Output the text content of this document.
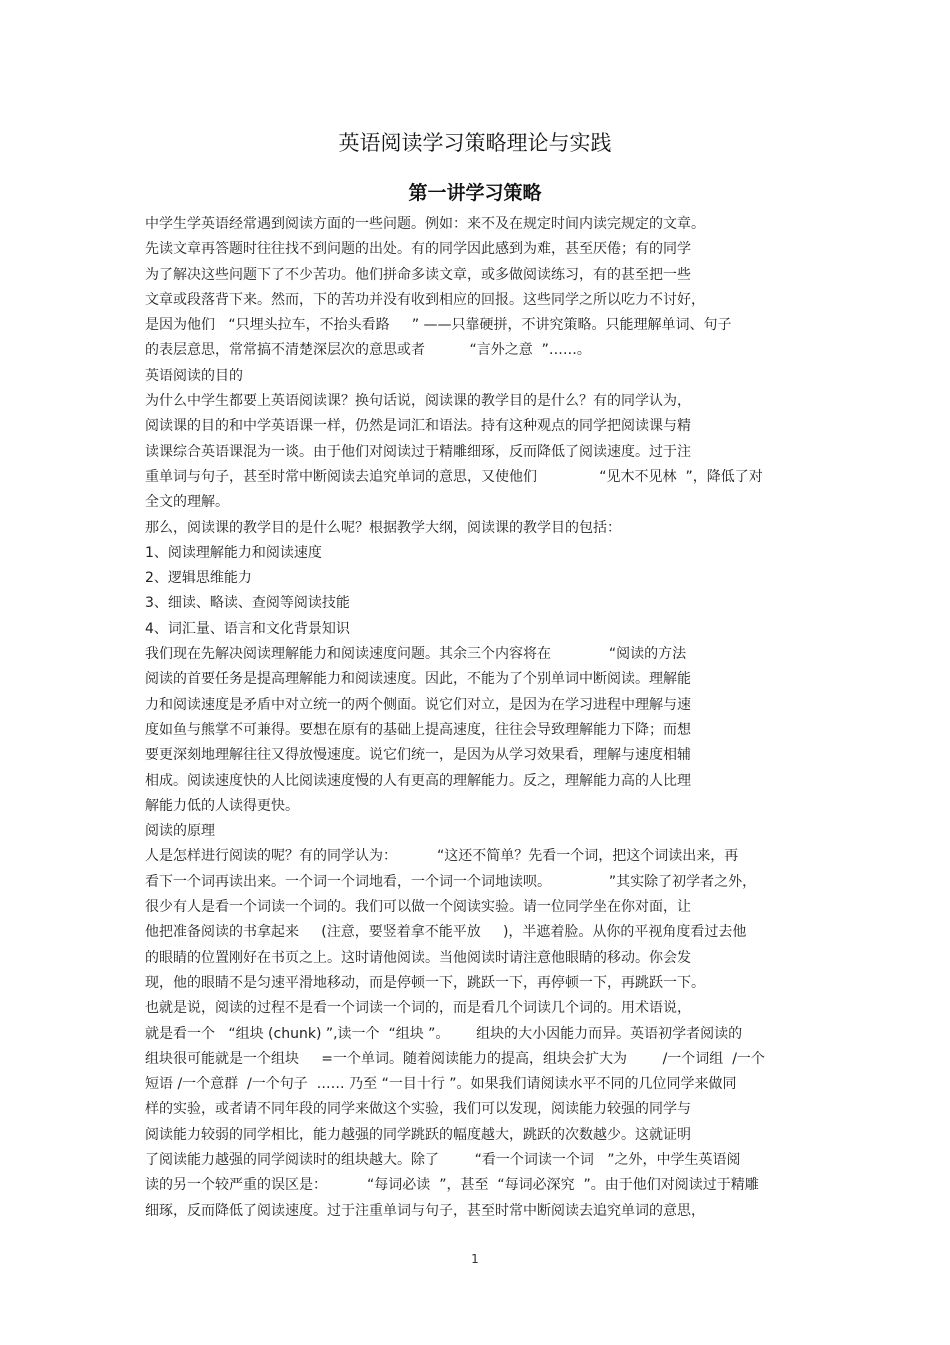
英语阅读学习策略理论与实践
第一讲学习策略
中学生学英语经常遇到阅读方面的一些问题。例如：来不及在规定时间内读完规定的文章。
先读文章再答题时往往找不到问题的出处。有的同学因此感到为难，甚至厌倦；有的同学
为了解决这些问题下了不少苦功。他们拼命多读文章，或多做阅读练习，有的甚至把一些
文章或段落背下来。然而，下的苦功并没有收到相应的回报。这些同学之所以吃力不讨好，
是因为他们   “只埋头拉车，不抬头看路     ” ——只靠硬拼，不讲究策略。只能理解单词、句子
的表层意思，常常搞不清楚深层次的意思或者          “言外之意  ”……。
英语阅读的目的
为什么中学生都要上英语阅读课？换句话说，阅读课的教学目的是什么？有的同学认为，
阅读课的目的和中学英语课一样，仍然是词汇和语法。持有这种观点的同学把阅读课与精
读课综合英语课混为一谈。由于他们对阅读过于精雕细琢，反而降低了阅读速度。过于注
重单词与句子，甚至时常中断阅读去追究单词的意思，又使他们              “见木不见林  ”，降低了对
全文的理解。
那么，阅读课的教学目的是什么呢？根据教学大纲，阅读课的教学目的包括：
1、阅读理解能力和阅读速度
2、逻辑思维能力
3、细读、略读、查阅等阅读技能
4、词汇量、语言和文化背景知识
我们现在先解决阅读理解能力和阅读速度问题。其余三个内容将在             “阅读的方法
阅读的首要任务是提高理解能力和阅读速度。因此，不能为了个别单词中断阅读。理解能
力和阅读速度是矛盾中对立统一的两个侧面。说它们对立，是因为在学习进程中理解与速
度如鱼与熊掌不可兼得。要想在原有的基础上提高速度，往往会导致理解能力下降；而想
要更深刻地理解往往又得放慢速度。说它们统一，是因为从学习效果看，理解与速度相辅
相成。阅读速度快的人比阅读速度慢的人有更高的理解能力。反之，理解能力高的人比理
解能力低的人读得更快。
阅读的原理
人是怎样进行阅读的呢？有的同学认为：         “这还不简单？先看一个词，把这个词读出来，再
看下一个词再读出来。一个词一个词地看，一个词一个词地读呗。             ”其实除了初学者之外，
很少有人是看一个词读一个词的。我们可以做一个阅读实验。请一位同学坐在你对面，让
他把准备阅读的书拿起来     (注意，要竖着拿不能平放     )，半遮着脸。从你的平视角度看过去他
的眼睛的位置刚好在书页之上。这时请他阅读。当他阅读时请注意他眼睛的移动。你会发
现，他的眼睛不是匀速平滑地移动，而是停顿一下，跳跃一下，再停顿一下，再跳跃一下。
也就是说，阅读的过程不是看一个词读一个词的，而是看几个词读几个词的。用术语说，
就是看一个   “组块 (chunk) ”,读一个  “组块 ”。      组块的大小因能力而异。英语初学者阅读的
组块很可能就是一个组块     =一个单词。随着阅读能力的提高，组块会扩大为        /一个词组  /一个
短语 /一个意群  /一个句子  …… 乃至 “一目十行 ”。如果我们请阅读水平不同的几位同学来做同
样的实验，或者请不同年段的同学来做这个实验，我们可以发现，阅读能力较强的同学与
阅读能力较弱的同学相比，能力越强的同学跳跃的幅度越大，跳跃的次数越少。这就证明
了阅读能力越强的同学阅读时的组块越大。除了        “看一个词读一个词   ”之外，中学生英语阅
读的另一个较严重的误区是：         “每词必读  ”，甚至  “每词必深究  ”。由于他们对阅读过于精雕
细琢，反而降低了阅读速度。过于注重单词与句子，甚至时常中断阅读去追究单词的意思，
1
